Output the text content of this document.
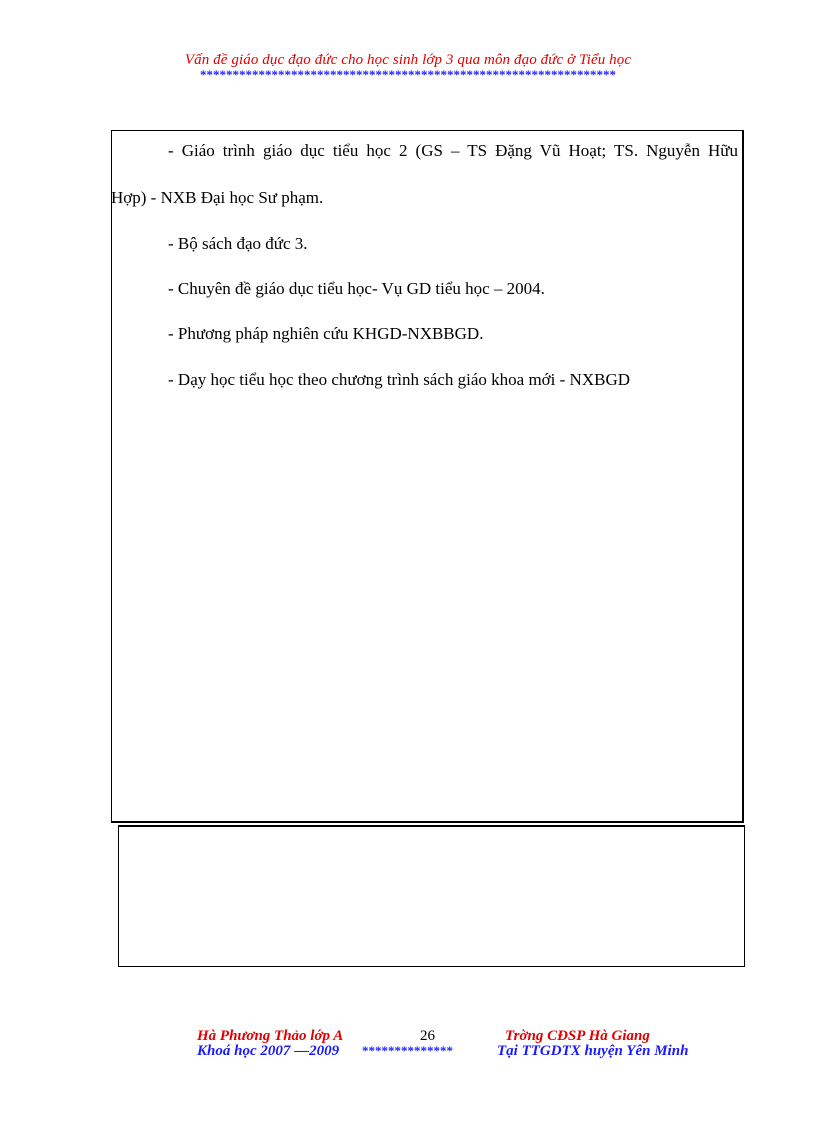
Vấn đề giáo dục đạo đức cho học sinh lớp 3 qua môn đạo đức ở Tiểu học
****************************************************************
- Giáo trình giáo dục tiểu học 2 (GS – TS Đặng Vũ Hoạt; TS. Nguyễn Hữu
Hợp) - NXB Đại học Sư phạm.
- Bộ sách đạo đức 3.
- Chuyên đề giáo dục tiểu học- Vụ GD tiểu học – 2004.
- Phương pháp nghiên cứu KHGD-NXBBGD.
- Dạy học tiểu học theo chương trình sách giáo khoa mới - NXBGD
Hà Phương Thảo lớp A	26	Trờng CĐSP Hà Giang
Khoá học 2007 —2009 **************	Tại TTGDTX huyện Yên Minh
